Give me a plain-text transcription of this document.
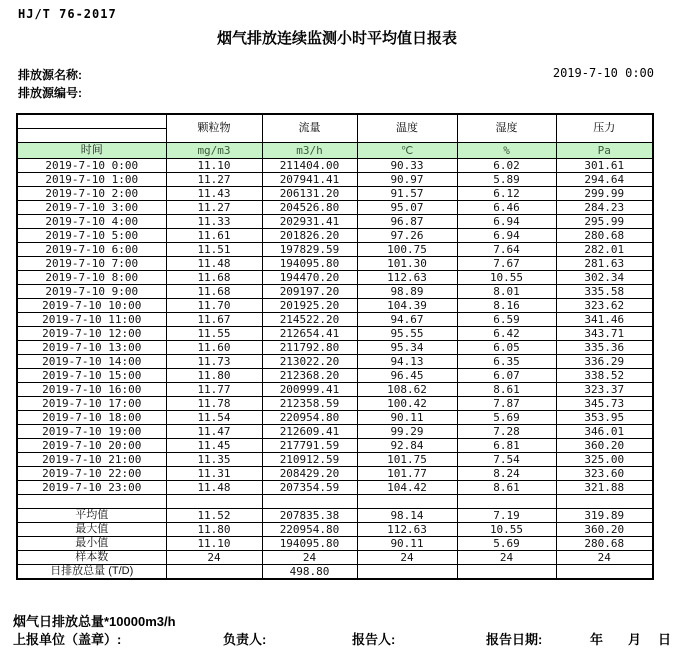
HJ/T 76-2017
烟气排放连续监测小时平均值日报表
排放源名称:
排放源编号:
2019-7-10 0:00
	颗粒物	流量	温度	湿度	压力

时间	mg/m3	m3/h	℃	%	Pa
2019-7-10 0:00	11.10	211404.00	90.33	6.02	301.61
2019-7-10 1:00	11.27	207941.41	90.97	5.89	294.64
2019-7-10 2:00	11.43	206131.20	91.57	6.12	299.99
2019-7-10 3:00	11.27	204526.80	95.07	6.46	284.23
2019-7-10 4:00	11.33	202931.41	96.87	6.94	295.99
2019-7-10 5:00	11.61	201826.20	97.26	6.94	280.68
2019-7-10 6:00	11.51	197829.59	100.75	7.64	282.01
2019-7-10 7:00	11.48	194095.80	101.30	7.67	281.63
2019-7-10 8:00	11.68	194470.20	112.63	10.55	302.34
2019-7-10 9:00	11.68	209197.20	98.89	8.01	335.58
2019-7-10 10:00	11.70	201925.20	104.39	8.16	323.62
2019-7-10 11:00	11.67	214522.20	94.67	6.59	341.46
2019-7-10 12:00	11.55	212654.41	95.55	6.42	343.71
2019-7-10 13:00	11.60	211792.80	95.34	6.05	335.36
2019-7-10 14:00	11.73	213022.20	94.13	6.35	336.29
2019-7-10 15:00	11.80	212368.20	96.45	6.07	338.52
2019-7-10 16:00	11.77	200999.41	108.62	8.61	323.37
2019-7-10 17:00	11.78	212358.59	100.42	7.87	345.73
2019-7-10 18:00	11.54	220954.80	90.11	5.69	353.95
2019-7-10 19:00	11.47	212609.41	99.29	7.28	346.01
2019-7-10 20:00	11.45	217791.59	92.84	6.81	360.20
2019-7-10 21:00	11.35	210912.59	101.75	7.54	325.00
2019-7-10 22:00	11.31	208429.20	101.77	8.24	323.60
2019-7-10 23:00	11.48	207354.59	104.42	8.61	321.88

平均值	11.52	207835.38	98.14	7.19	319.89
最大值	11.80	220954.80	112.63	10.55	360.20
最小值	11.10	194095.80	90.11	5.69	280.68
样本数	24	24	24	24	24
日排放总量 (T/D)		498.80			
烟气日排放总量*10000m3/h
上报单位（盖章）:	负责人:	报告人:	报告日期:	年 月 日
